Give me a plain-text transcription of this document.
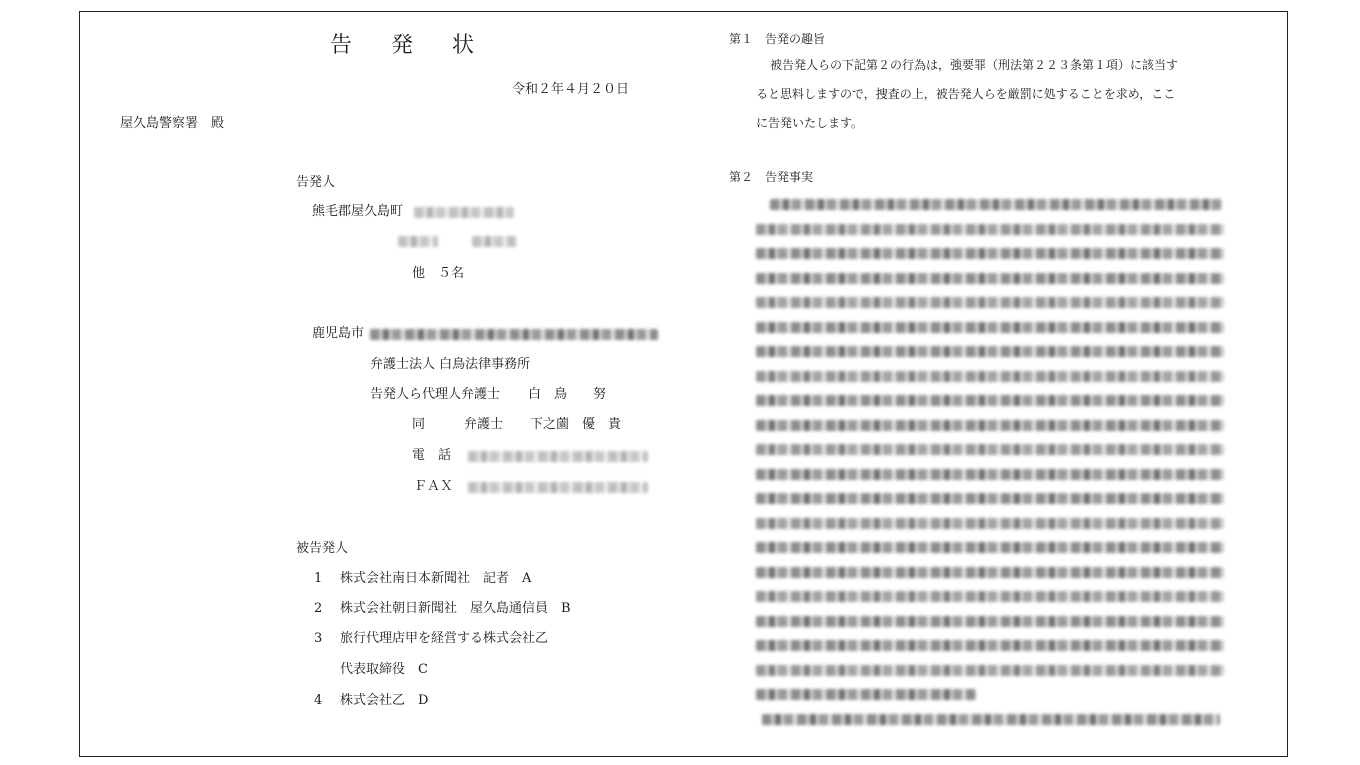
告 発 状
令和２年４月２０日
屋久島警察署　殿
告発人
熊毛郡屋久島町
他　５名
鹿児島市
弁護士法人 白鳥法律事務所
告発人ら代理人弁護士 白　鳥　　努
同　　　弁護士 下之薗　優　貴
電　話
ＦＡＸ
被告発人
1 株式会社南日本新聞社　記者　A
2 株式会社朝日新聞社　屋久島通信員　B
3 旅行代理店甲を経営する株式会社乙
代表取締役　C
4 株式会社乙　D
第１　告発の趣旨
被告発人らの下記第２の行為は，強要罪（刑法第２２３条第１項）に該当す
ると思料しますので，捜査の上，被告発人らを厳罰に処することを求め，ここ
に告発いたします。
第２　告発事実
